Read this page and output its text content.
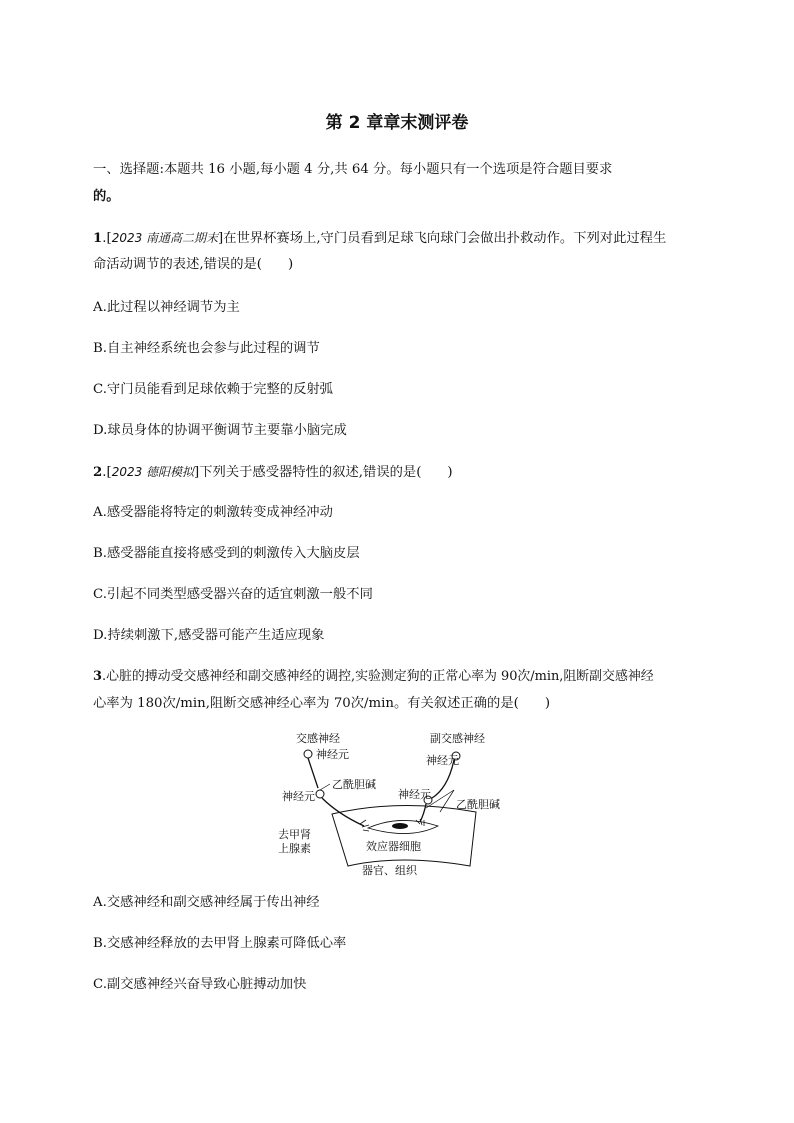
第 2 章章末测评卷
一、选择题:本题共 16 小题,每小题 4 分,共 64 分。每小题只有一个选项是符合题目要求
的。
1.[2023 南通高二期末]在世界杯赛场上,守门员看到足球飞向球门会做出扑救动作。下列对此过程生
命活动调节的表述,错误的是( )
A.此过程以神经调节为主
B.自主神经系统也会参与此过程的调节
C.守门员能看到足球依赖于完整的反射弧
D.球员身体的协调平衡调节主要靠小脑完成
2.[2023 德阳模拟]下列关于感受器特性的叙述,错误的是( )
A.感受器能将特定的刺激转变成神经冲动
B.感受器能直接将感受到的刺激传入大脑皮层
C.引起不同类型感受器兴奋的适宜刺激一般不同
D.持续刺激下,感受器可能产生适应现象
3.心脏的搏动受交感神经和副交感神经的调控,实验测定狗的正常心率为 90次/min,阻断副交感神经
心率为 180次/min,阻断交感神经心率为 70次/min。有关叙述正确的是( )
交感神经	副交感神经
神经元	神经元
乙酰胆碱
神经元	神经元
乙酰胆碱
去甲肾
上腺素	效应器细胞
器官、组织
A.交感神经和副交感神经属于传出神经
B.交感神经释放的去甲肾上腺素可降低心率
C.副交感神经兴奋导致心脏搏动加快
